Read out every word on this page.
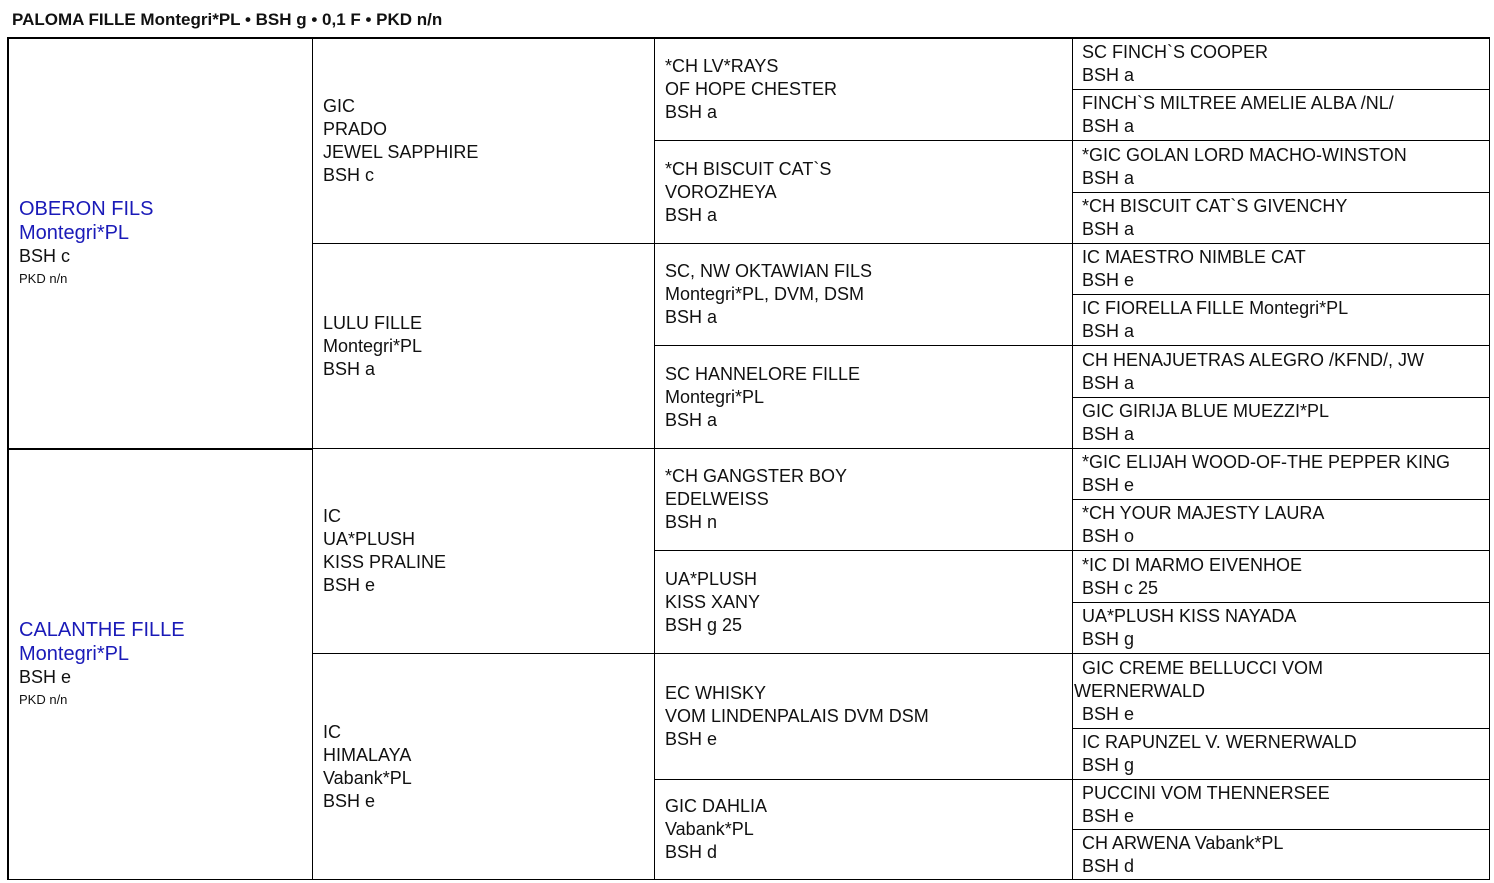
PALOMA FILLE Montegri*PL • BSH g • 0,1 F • PKD n/n
OBERON FILS
Montegri*PL
BSH c
PKD n/n
CALANTHE FILLE
Montegri*PL
BSH e
PKD n/n
GIC
PRADO
JEWEL SAPPHIRE
BSH c
LULU FILLE
Montegri*PL
BSH a
IC
UA*PLUSH
KISS PRALINE
BSH e
IC
HIMALAYA
Vabank*PL
BSH e
*CH LV*RAYS
OF HOPE CHESTER
BSH a
*CH BISCUIT CAT`S
VOROZHEYA
BSH a
SC, NW OKTAWIAN FILS
Montegri*PL, DVM, DSM
BSH a
SC HANNELORE FILLE
Montegri*PL
BSH a
*CH GANGSTER BOY
EDELWEISS
BSH n
UA*PLUSH
KISS XANY
BSH g 25
EC WHISKY
VOM LINDENPALAIS DVM DSM
BSH e
GIC DAHLIA
Vabank*PL
BSH d
SC FINCH`S COOPER
BSH a
FINCH`S MILTREE AMELIE ALBA /NL/
BSH a
*GIC GOLAN LORD MACHO-WINSTON
BSH a
*CH BISCUIT CAT`S GIVENCHY
BSH a
IC MAESTRO NIMBLE CAT
BSH e
IC FIORELLA FILLE Montegri*PL
BSH a
CH HENAJUETRAS ALEGRO /KFND/, JW
BSH a
GIC GIRIJA BLUE MUEZZI*PL
BSH a
*GIC ELIJAH WOOD-OF-THE PEPPER KING
BSH e
*CH YOUR MAJESTY LAURA
BSH o
*IC DI MARMO EIVENHOE
BSH c 25
UA*PLUSH KISS NAYADA
BSH g
GIC CREME BELLUCCI VOM
WERNERWALD
BSH e
IC RAPUNZEL V. WERNERWALD
BSH g
PUCCINI VOM THENNERSEE
BSH e
CH ARWENA Vabank*PL
BSH d
